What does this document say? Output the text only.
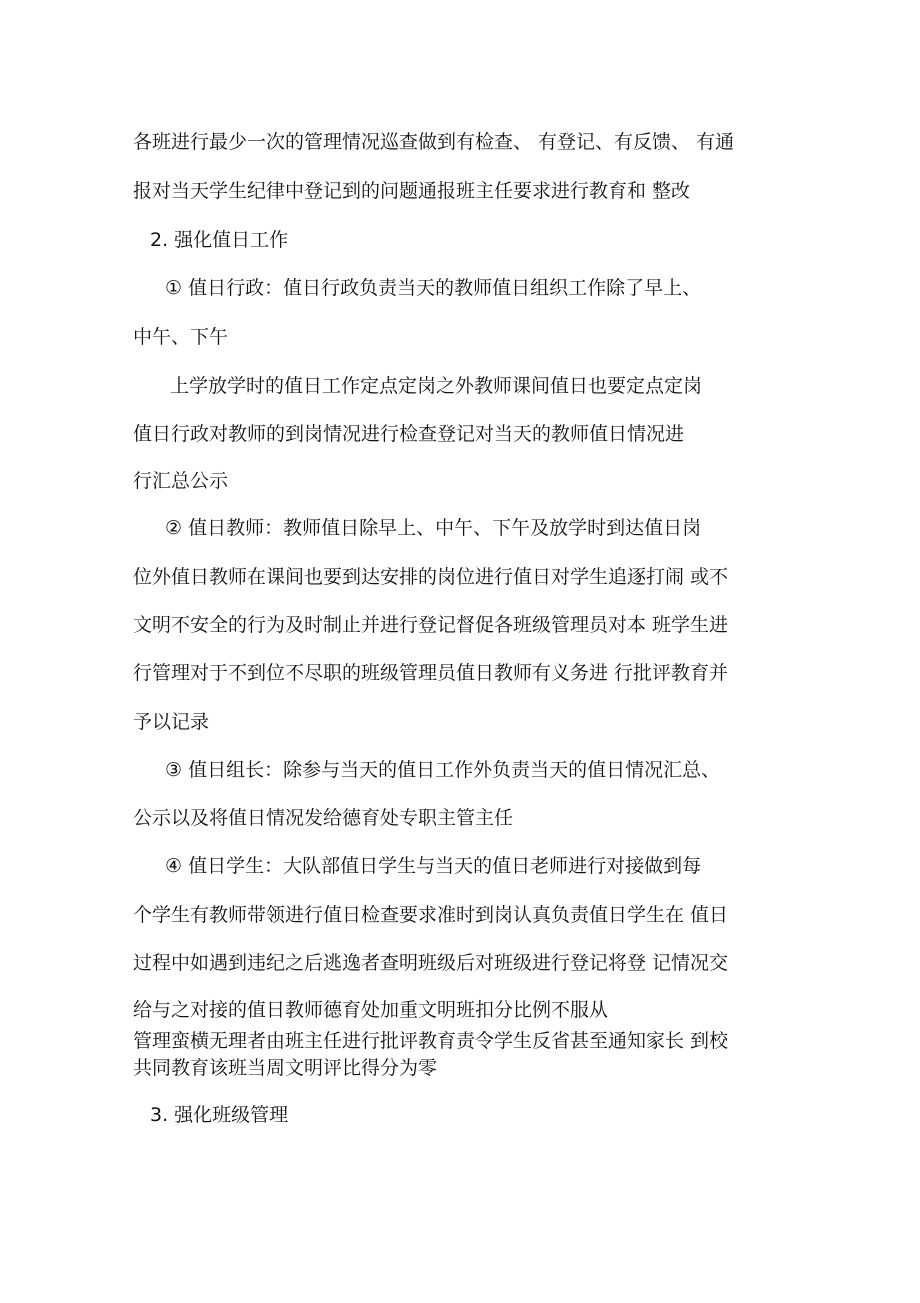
各班进行最少一次的管理情况巡查做到有检查、 有登记、有反馈、 有通
报对当天学生纪律中登记到的问题通报班主任要求进行教育和 整改
2. 强化值日工作
① 值日行政：值日行政负责当天的教师值日组织工作除了早上、
中午、下午
上学放学时的值日工作定点定岗之外教师课间值日也要定点定岗
值日行政对教师的到岗情况进行检查登记对当天的教师值日情况进
行汇总公示
② 值日教师：教师值日除早上、中午、下午及放学时到达值日岗
位外值日教师在课间也要到达安排的岗位进行值日对学生追逐打闹 或不
文明不安全的行为及时制止并进行登记督促各班级管理员对本 班学生进
行管理对于不到位不尽职的班级管理员值日教师有义务进 行批评教育并
予以记录
③ 值日组长：除参与当天的值日工作外负责当天的值日情况汇总、
公示以及将值日情况发给德育处专职主管主任
④ 值日学生：大队部值日学生与当天的值日老师进行对接做到每
个学生有教师带领进行值日检查要求准时到岗认真负责值日学生在 值日
过程中如遇到违纪之后逃逸者查明班级后对班级进行登记将登 记情况交
给与之对接的值日教师德育处加重文明班扣分比例不服从
管理蛮横无理者由班主任进行批评教育责令学生反省甚至通知家长 到校
共同教育该班当周文明评比得分为零
3. 强化班级管理
